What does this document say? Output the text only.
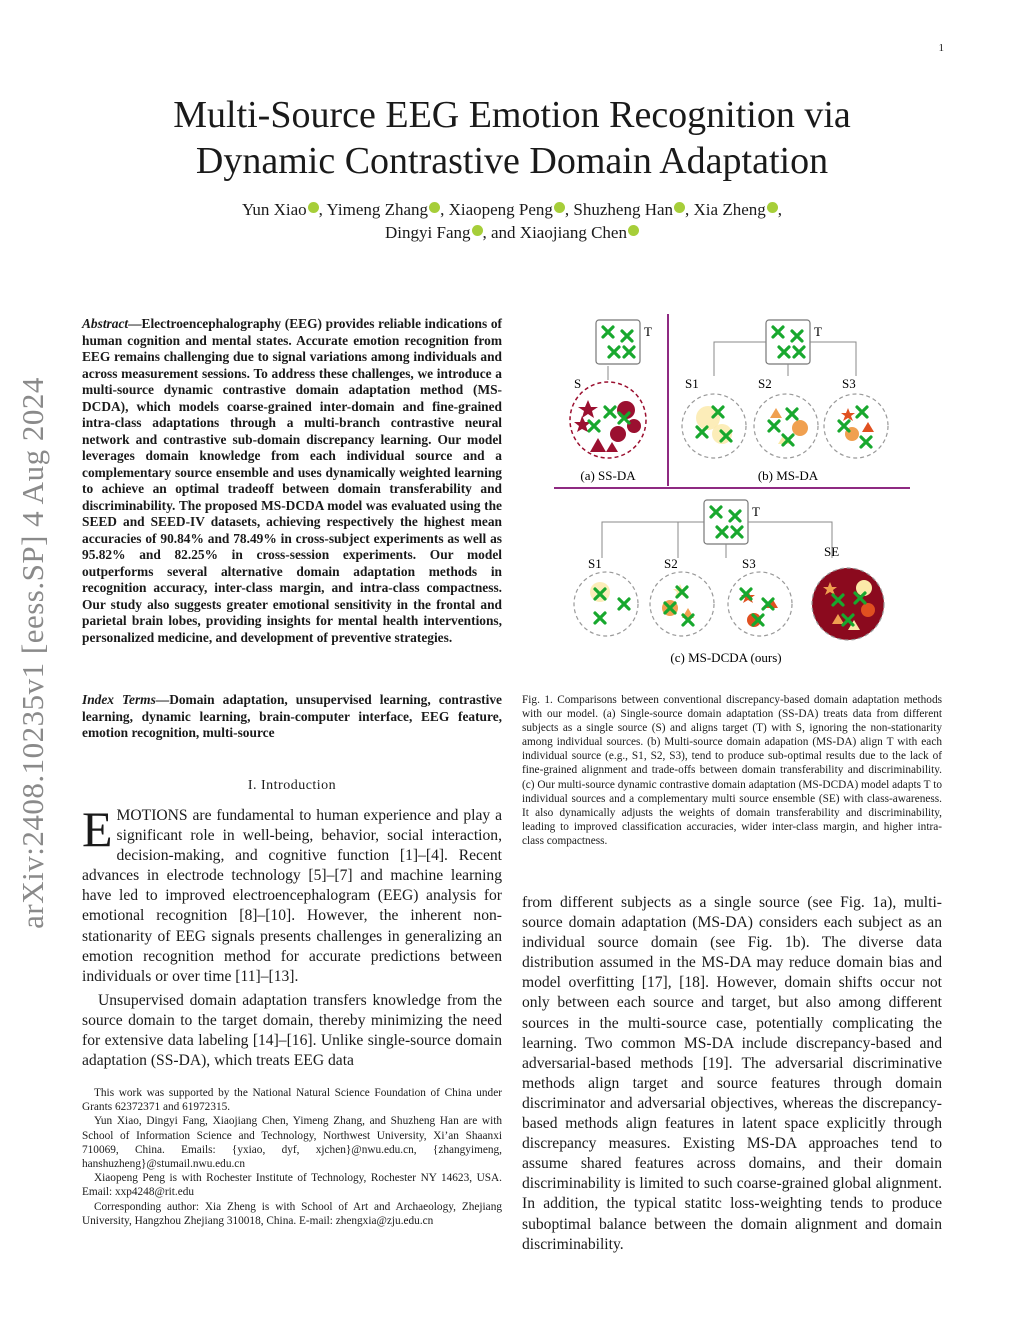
1
Multi-Source EEG Emotion Recognition via
Dynamic Contrastive Domain Adaptation
Yun Xiao , Yimeng Zhang , Xiaopeng Peng , Shuzheng Han , Xia Zheng ,
Dingyi Fang , and Xiaojiang Chen
arXiv:2408.10235v1 [eess.SP] 4 Aug 2024
Abstract—Electroencephalography (EEG) provides reliable indications of human cognition and mental states. Accurate emotion recognition from EEG remains challenging due to signal variations among individuals and across measurement sessions. To address these challenges, we introduce a multi-source dynamic contrastive domain adaptation method (MS-DCDA), which models coarse-grained inter-domain and fine-grained intra-class adaptations through a multi-branch contrastive neural network and contrastive sub-domain discrepancy learning. Our model leverages domain knowledge from each individual source and a complementary source ensemble and uses dynamically weighted learning to achieve an optimal tradeoff between domain transferability and discriminability. The proposed MS-DCDA model was evaluated using the SEED and SEED-IV datasets, achieving respectively the highest mean accuracies of 90.84% and 78.49% in cross-subject experiments as well as 95.82% and 82.25% in cross-session experiments. Our model outperforms several alternative domain adaptation methods in recognition accuracy, inter-class margin, and intra-class compactness. Our study also suggests greater emotional sensitivity in the frontal and parietal brain lobes, providing insights for mental health interventions, personalized medicine, and development of preventive strategies.
Index Terms—Domain adaptation, unsupervised learning, contrastive learning, dynamic learning, brain-computer interface, EEG feature, emotion recognition, multi-source
I. Introduction

EMOTIONS are fundamental to human experience and play a significant role in well-being, behavior, social interaction, decision-making, and cognitive function [1]–[4]. Recent advances in electrode technology [5]–[7] and machine learning have led to improved electroencephalogram (EEG) analysis for emotional recognition [8]–[10]. However, the inherent non-stationarity of EEG signals presents challenges in generalizing an emotion recognition method for accurate predictions between individuals or over time [11]–[13].

Unsupervised domain adaptation transfers knowledge from the source domain to the target domain, thereby minimizing the need for extensive data labeling [14]–[16]. Unlike single-source domain adaptation (SS-DA), which treats EEG data

This work was supported by the National Natural Science Foundation of China under Grants 62372371 and 61972315.

Yun Xiao, Dingyi Fang, Xiaojiang Chen, Yimeng Zhang, and Shuzheng Han are with School of Information Science and Technology, Northwest University, Xi’an Shaanxi 710069, China. Emails: {yxiao, dyf, xjchen}@nwu.edu.cn, {zhangyimeng, hanshuzheng}@stumail.nwu.edu.cn

Xiaopeng Peng is with Rochester Institute of Technology, Rochester NY 14623, USA. Email: xxp4248@rit.edu

Corresponding author: Xia Zheng is with School of Art and Archaeology, Zhejiang University, Hangzhou Zhejiang 310018, China. E-mail: zhengxia@zju.edu.cn

T
S
(a) SS-DA
T
S1	S2	S3
(b) MS-DA
T
S1	S2	S3
SE
(c) MS-DCDA (ours)
Fig. 1. Comparisons between conventional discrepancy-based domain adaptation methods with our model. (a) Single-source domain adaptation (SS-DA) treats data from different subjects as a single source (S) and aligns target (T) with S, ignoring the non-stationarity among individual sources. (b) Multi-source domain adapation (MS-DA) align T with each individual source (e.g., S1, S2, S3), tend to produce sub-optimal results due to the lack of fine-grained alignment and trade-offs between domain transferability and discriminability. (c) Our multi-source dynamic contrastive domain adaptation (MS-DCDA) model adapts T to individual sources and a complementary multi source ensemble (SE) with class-awareness. It also dynamically adjusts the weights of domain transferability and discriminability, leading to improved classification accuracies, wider inter-class margin, and higher intra-class compactness.
from different subjects as a single source (see Fig. 1a), multi-source domain adaptation (MS-DA) considers each subject as an individual source domain (see Fig. 1b). The diverse data distribution assumed in the MS-DA may reduce domain bias and model overfitting [17], [18]. However, domain shifts occur not only between each source and target, but also among different sources in the multi-source case, potentially complicating the learning. Two common MS-DA include discrepancy-based and adversarial-based methods [19]. The adversarial discriminative methods align target and source features through domain discriminator and adversarial objectives, whereas the discrepancy-based methods align features in latent space explicitly through discrepancy measures. Existing MS-DA approaches tend to assume shared features across domains, and their domain discriminability is limited to such coarse-grained global alignment. In addition, the typical statitc loss-weighting tends to produce suboptimal balance between the domain alignment and domain discriminability.
